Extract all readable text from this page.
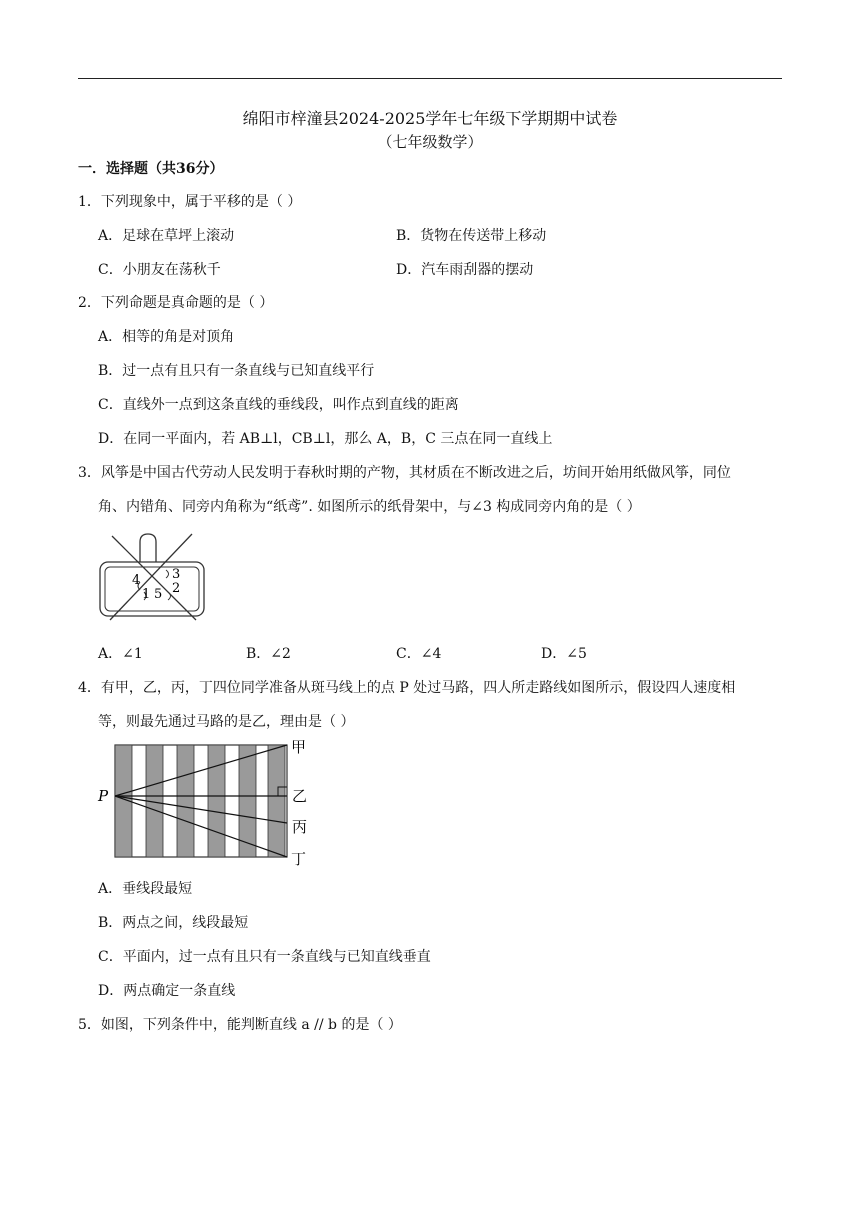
绵阳市梓潼县2024-2025学年七年级下学期期中试卷
（七年级数学）
一．选择题（共36分）
1．下列现象中，属于平移的是（ ）
A．足球在草坪上滚动	B．货物在传送带上移动
C．小朋友在荡秋千	D．汽车雨刮器的摆动
2．下列命题是真命题的是（ ）
A．相等的角是对顶角
B．过一点有且只有一条直线与已知直线平行
C．直线外一点到这条直线的垂线段，叫作点到直线的距离
D．在同一平面内，若 AB⊥l，CB⊥l，那么 A，B，C 三点在同一直线上
3．风筝是中国古代劳动人民发明于春秋时期的产物，其材质在不断改进之后，坊间开始用纸做风筝，同位
角、内错角、同旁内角称为“纸鸢”. 如图所示的纸骨架中，与∠3 构成同旁内角的是（ ）
4 3
2
1 5
A．∠1	B．∠2	C．∠4	D．∠5
4．有甲，乙，丙，丁四位同学准备从斑马线上的点 P 处过马路，四人所走路线如图所示，假设四人速度相
等，则最先通过马路的是乙，理由是（ ）
P
甲
乙
丙
丁
A．垂线段最短
B．两点之间，线段最短
C．平面内，过一点有且只有一条直线与已知直线垂直
D．两点确定一条直线
5．如图，下列条件中，能判断直线 a // b 的是（ ）
